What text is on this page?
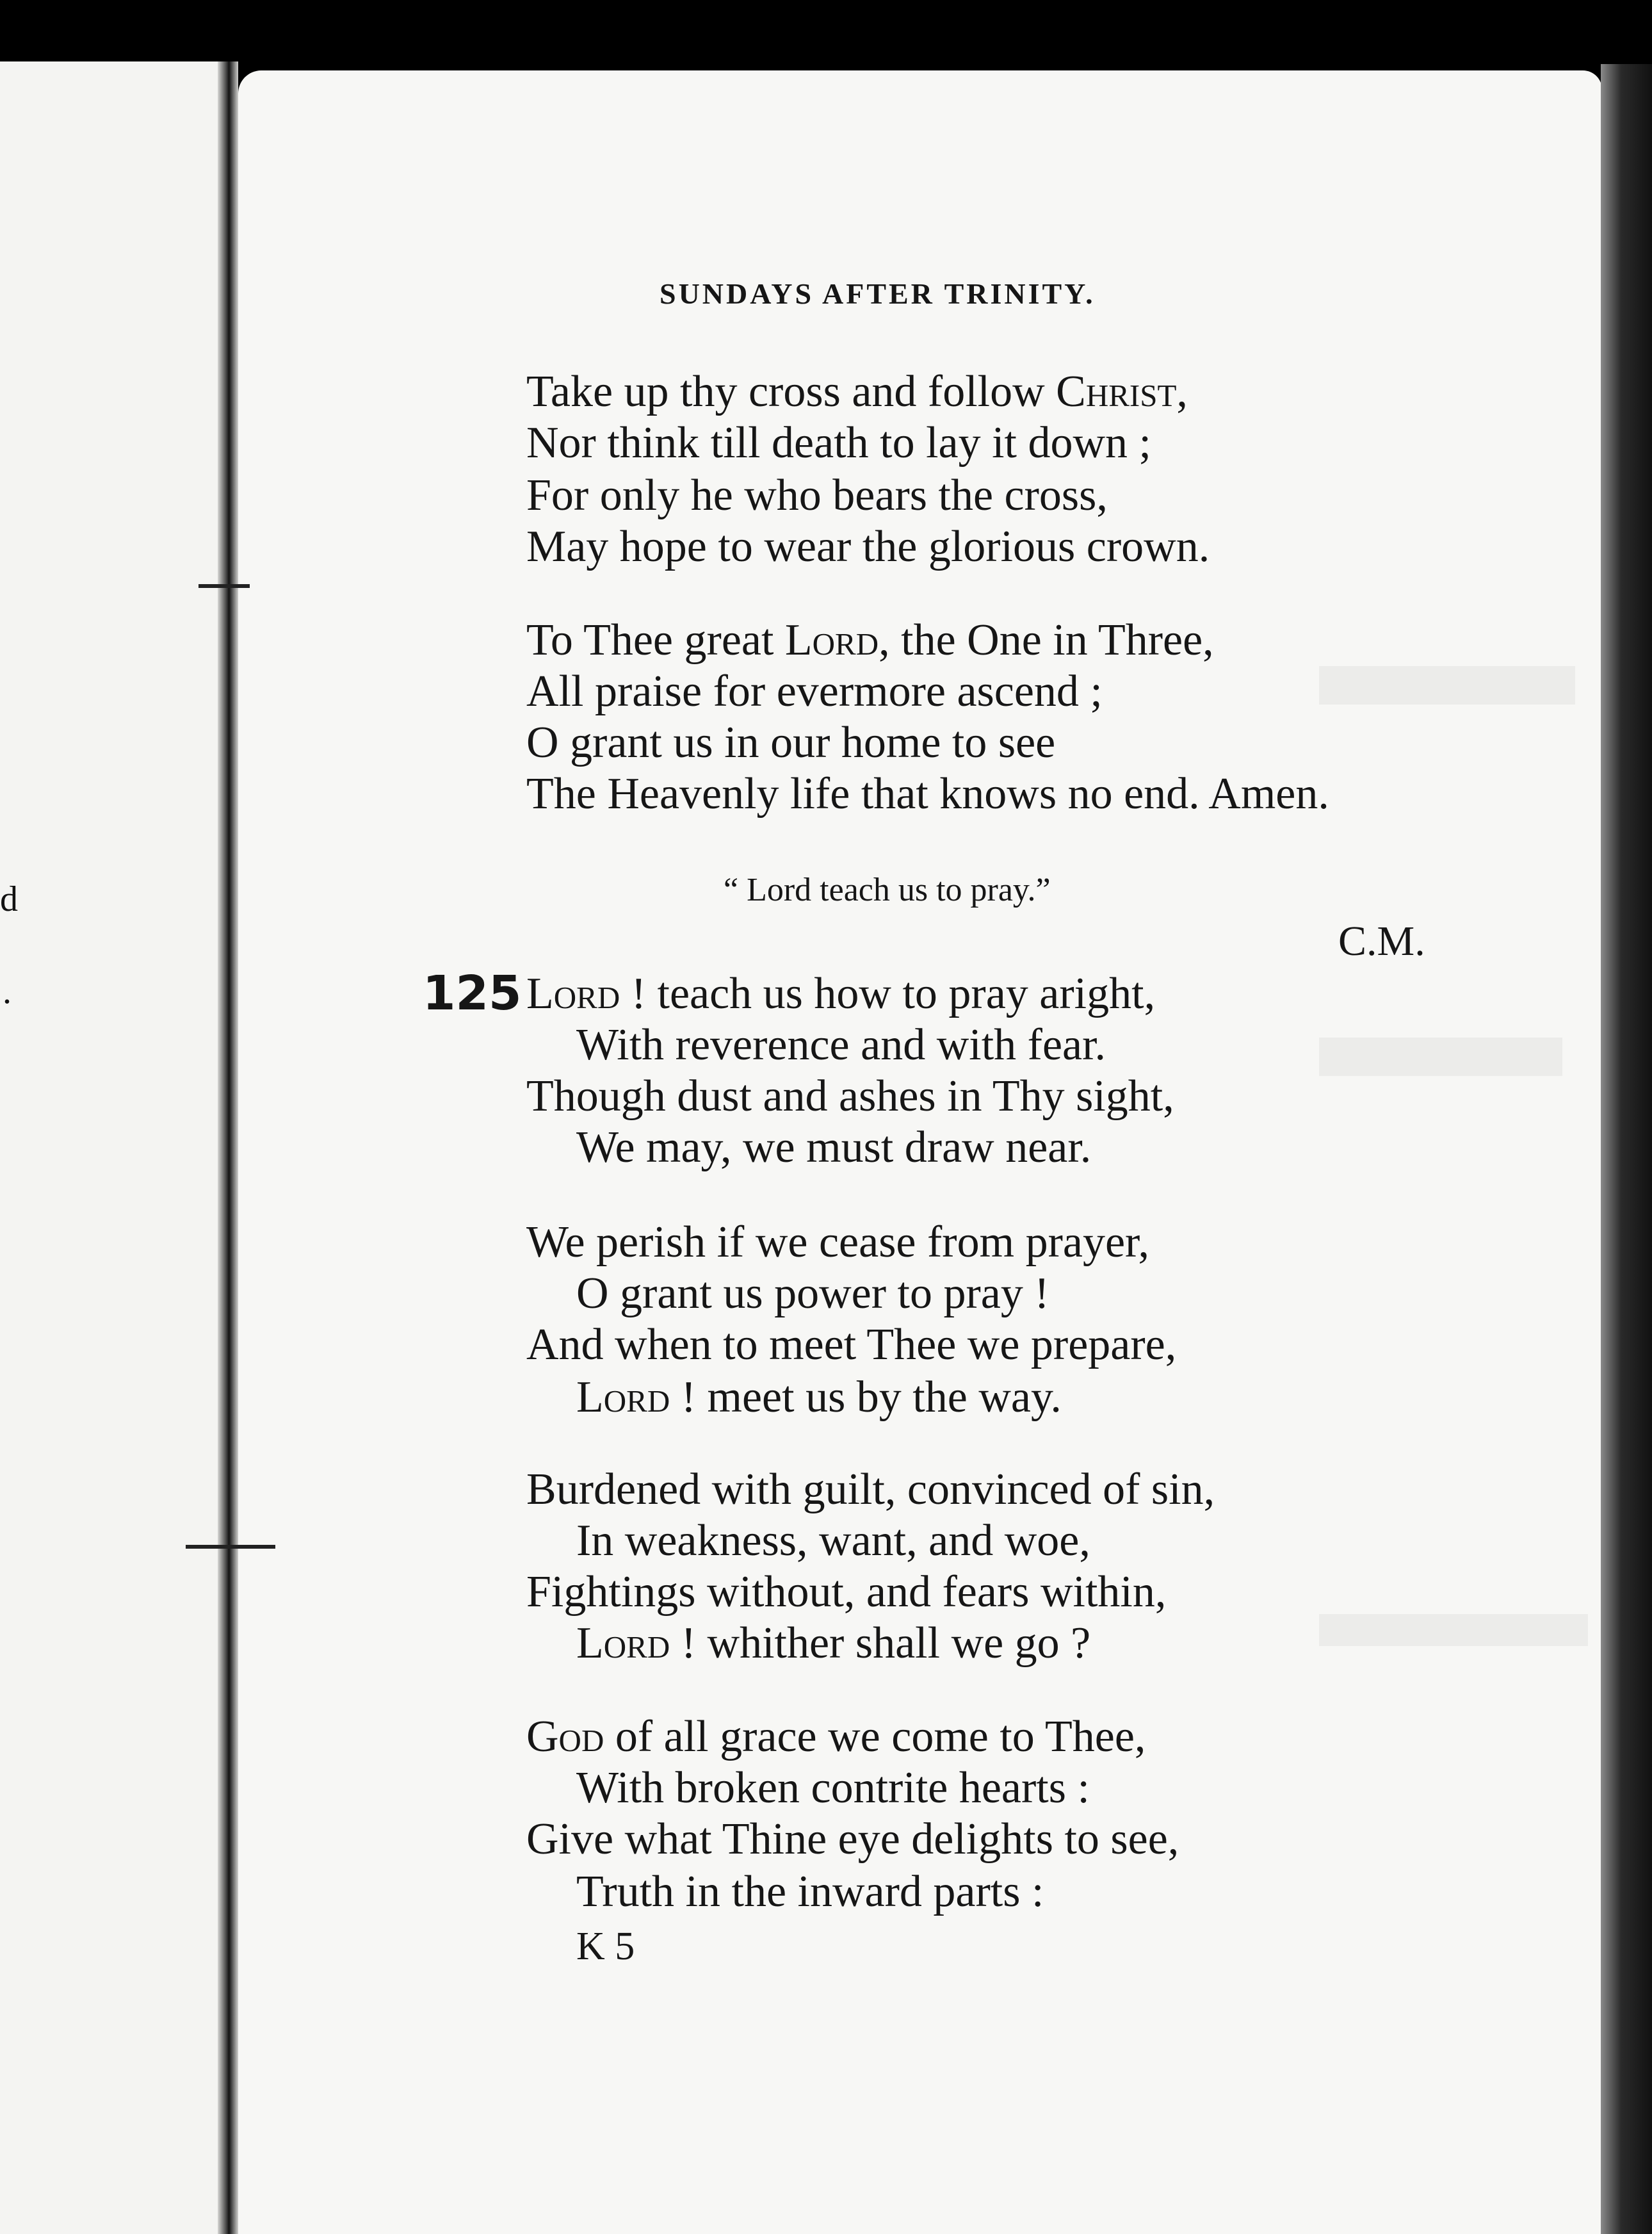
d
.
SUNDAYS AFTER TRINITY.
Take up thy cross and follow Christ,
Nor think till death to lay it down ;
For only he who bears the cross,
May hope to wear the glorious crown.
To Thee great Lord, the One in Three,
All praise for evermore ascend ;
O grant us in our home to see
The Heavenly life that knows no end. Amen.
“ Lord teach us to pray.”
C.M.
125 Lord ! teach us how to pray aright,
With reverence and with fear.
Though dust and ashes in Thy sight,
We may, we must draw near.
We perish if we cease from prayer,
O grant us power to pray !
And when to meet Thee we prepare,
Lord ! meet us by the way.
Burdened with guilt, convinced of sin,
In weakness, want, and woe,
Fightings without, and fears within,
Lord ! whither shall we go ?
God of all grace we come to Thee,
With broken contrite hearts :
Give what Thine eye delights to see,
Truth in the inward parts :
K 5
